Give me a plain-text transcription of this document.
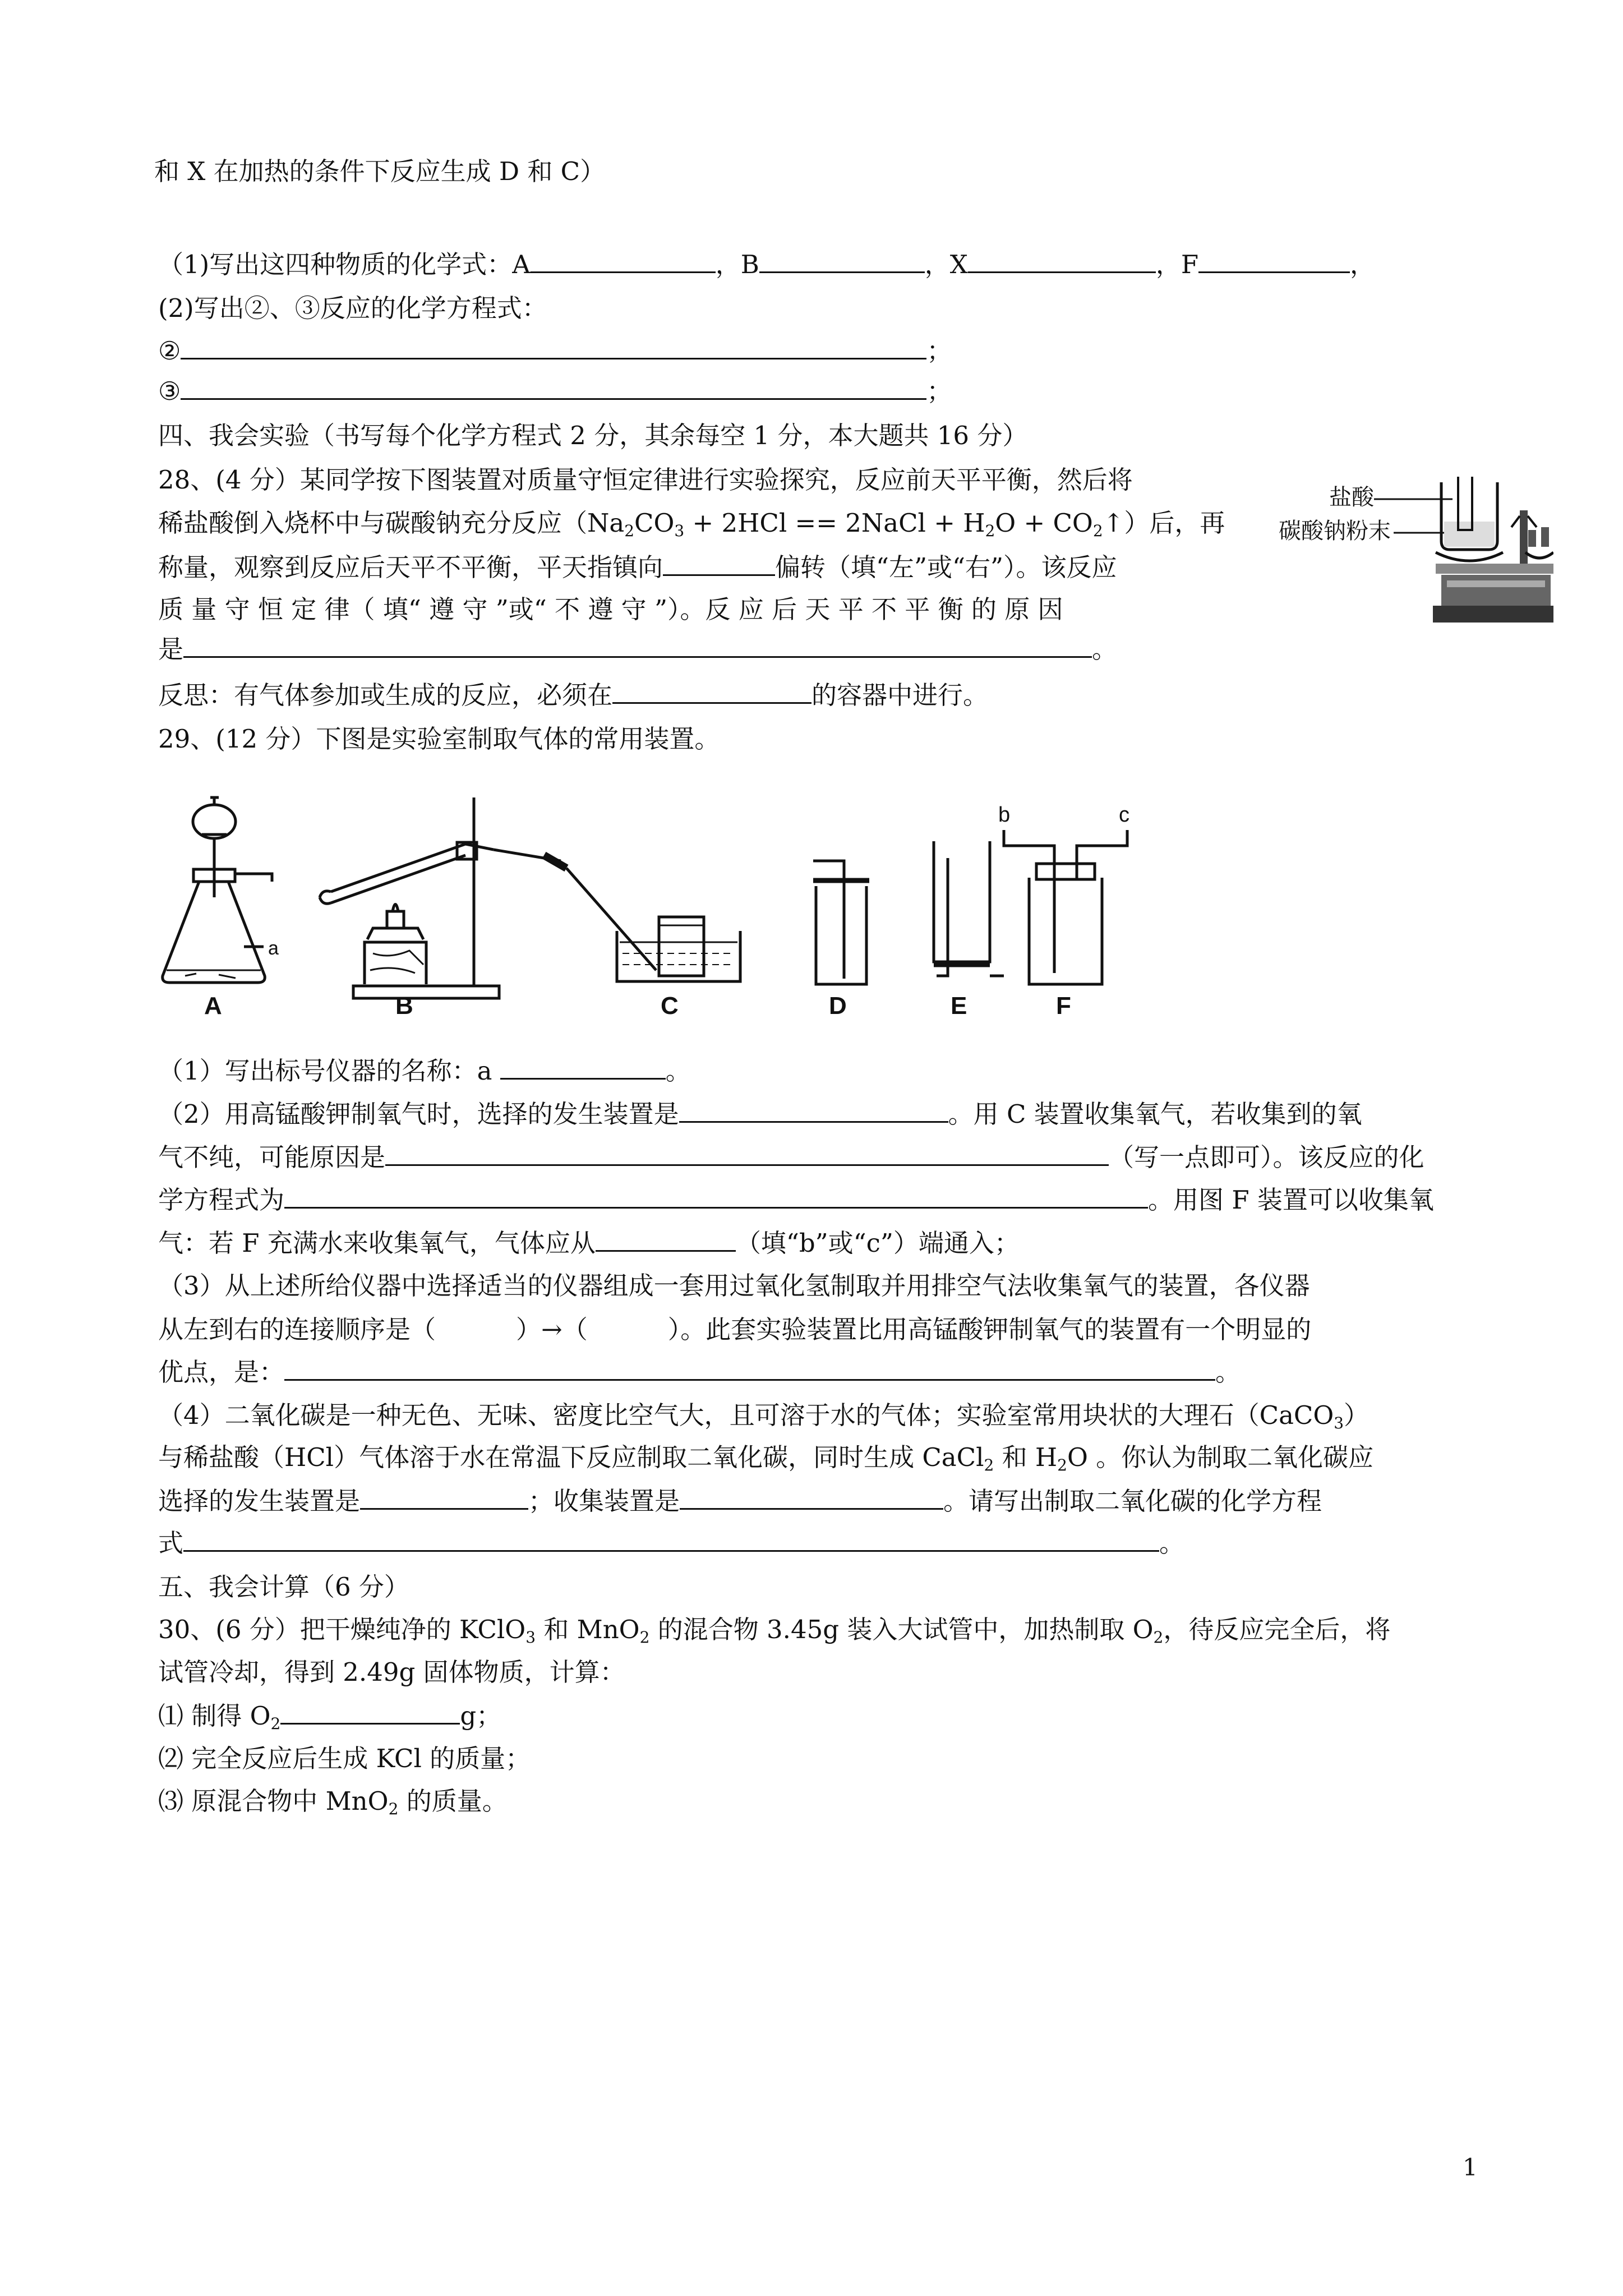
和 X 在加热的条件下反应生成 D 和 C）
（1)写出这四种物质的化学式：A	，B	，X	，F	，
(2)写出②、③反应的化学方程式：
②	；
③	；
四、我会实验（书写每个化学方程式 2 分，其余每空 1 分，本大题共 16 分）
28、(4 分）某同学按下图装置对质量守恒定律进行实验探究，反应前天平平衡，然后将
稀盐酸倒入烧杯中与碳酸钠充分反应（$Na_2CO_3 + 2HCl$ == 2NaCl + $H_2O$ + $CO_2↑$）后，再
称量，观察到反应后天平不平衡，平天指镇向	偏转（填“左”或“右”）。该反应
质 量 守 恒 定 律（ 填“ 遵 守 ”或“ 不 遵 守 ”）。反 应 后 天 平 不 平 衡 的 原 因
是	。
反思：有气体参加或生成的反应，必须在	的容器中进行。
29、(12 分）下图是实验室制取气体的常用装置。
盐酸
碳酸钠粉末
a
A	B	C	D	E
b	c
F
（1）写出标号仪器的名称：a	。
（2）用高锰酸钾制氧气时，选择的发生装置是	。用 C 装置收集氧气，若收集到的氧
气不纯，可能原因是	（写一点即可）。该反应的化
学方程式为	。用图 F 装置可以收集氧
气：若 F 充满水来收集氧气，气体应从	（填“b”或“c”）端通入；
（3）从上述所给仪器中选择适当的仪器组成一套用过氧化氢制取并用排空气法收集氧气的装置，各仪器
从左到右的连接顺序是（          ）→（          ）。此套实验装置比用高锰酸钾制氧气的装置有一个明显的
优点，是：	。
（4）二氧化碳是一种无色、无味、密度比空气大，且可溶于水的气体；实验室常用块状的大理石（CaCO$_3$）
与稀盐酸（HCl）气体溶于水在常温下反应制取二氧化碳，同时生成 CaCl$_2$ 和 $H_2O$ 。你认为制取二氧化碳应
选择的发生装置是	；收集装置是	。请写出制取二氧化碳的化学方程
式	。
五、我会计算（6 分）
30、(6 分）把干燥纯净的 KClO$_3$ 和 MnO$_2$ 的混合物 3.45g 装入大试管中，加热制取 $O_2$，待反应完全后，将
试管冷却，得到 2.49g 固体物质，计算：
⑴ 制得 $O_2$	g；
⑵ 完全反应后生成 KCl 的质量；
⑶ 原混合物中 MnO$_2$ 的质量。
1
